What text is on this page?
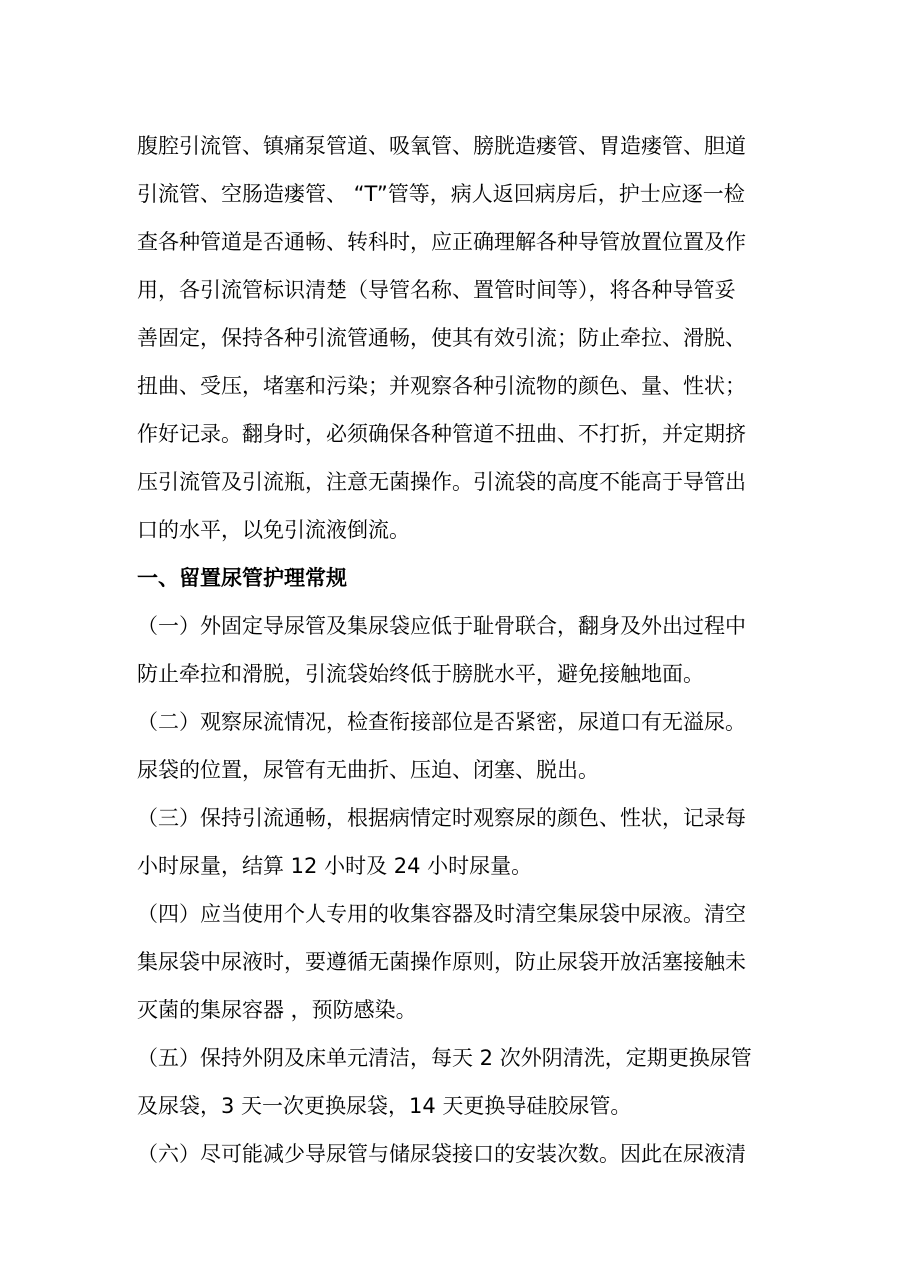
腹腔引流管、镇痛泵管道、吸氧管、膀胱造瘘管、胃造瘘管、胆道
引流管、空肠造瘘管、 “T”管等，病人返回病房后，护士应逐一检
查各种管道是否通畅、转科时，应正确理解各种导管放置位置及作
用，各引流管标识清楚（导管名称、置管时间等），将各种导管妥
善固定，保持各种引流管通畅，使其有效引流；防止牵拉、滑脱、
扭曲、受压，堵塞和污染；并观察各种引流物的颜色、量、性状；
作好记录。翻身时，必须确保各种管道不扭曲、不打折，并定期挤
压引流管及引流瓶，注意无菌操作。引流袋的高度不能高于导管出
口的水平，以免引流液倒流。
一、留置尿管护理常规
（一）外固定导尿管及集尿袋应低于耻骨联合，翻身及外出过程中
防止牵拉和滑脱，引流袋始终低于膀胱水平，避免接触地面。
（二）观察尿流情况，检查衔接部位是否紧密，尿道口有无溢尿。
尿袋的位置，尿管有无曲折、压迫、闭塞、脱出。
（三）保持引流通畅，根据病情定时观察尿的颜色、性状，记录每
小时尿量，结算 12 小时及 24 小时尿量。
（四）应当使用个人专用的收集容器及时清空集尿袋中尿液。清空
集尿袋中尿液时，要遵循无菌操作原则，防止尿袋开放活塞接触未
灭菌的集尿容器 ，预防感染。
（五）保持外阴及床单元清洁，每天 2 次外阴清洗，定期更换尿管
及尿袋，3 天一次更换尿袋，14 天更换导硅胶尿管。
（六）尽可能减少导尿管与储尿袋接口的安装次数。因此在尿液清
